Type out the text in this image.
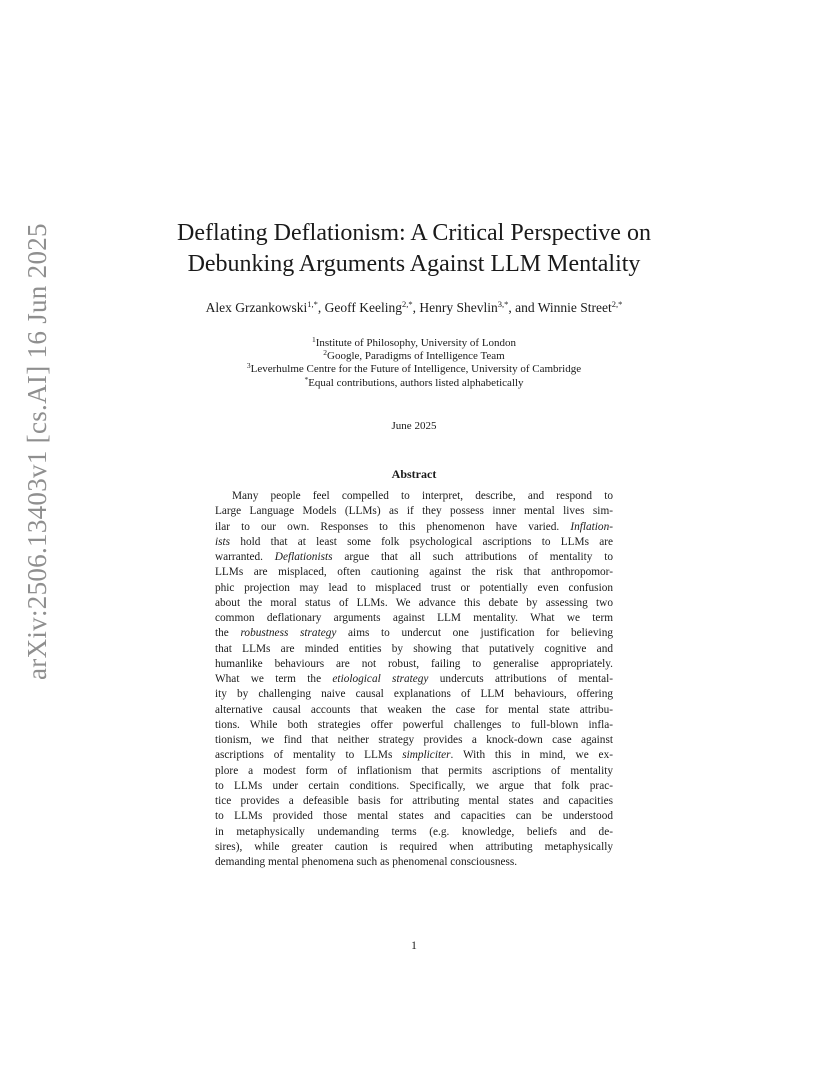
arXiv:2506.13403v1 [cs.AI] 16 Jun 2025	Deflating Deflationism: A Critical Perspective on
Debunking Arguments Against LLM Mentality
Alex Grzankowski$^{1,*}$, Geoff Keeling$^{2,*}$, Henry Shevlin$^{3,*}$, and Winnie Street$^{2,*}$
$^1$Institute of Philosophy, University of London
$^2$Google, Paradigms of Intelligence Team
$^3$Leverhulme Centre for the Future of Intelligence, University of Cambridge
*Equal contributions, authors listed alphabetically
June 2025
Abstract
Many people feel compelled to interpret, describe, and respond to
Large Language Models (LLMs) as if they possess inner mental lives sim-
ilar to our own. Responses to this phenomenon have varied. Inflation-
ists hold that at least some folk psychological ascriptions to LLMs are
warranted. Deflationists argue that all such attributions of mentality to
LLMs are misplaced, often cautioning against the risk that anthropomor-
phic projection may lead to misplaced trust or potentially even confusion
about the moral status of LLMs. We advance this debate by assessing two
common deflationary arguments against LLM mentality. What we term
the robustness strategy aims to undercut one justification for believing
that LLMs are minded entities by showing that putatively cognitive and
humanlike behaviours are not robust, failing to generalise appropriately.
What we term the etiological strategy undercuts attributions of mental-
ity by challenging naive causal explanations of LLM behaviours, offering
alternative causal accounts that weaken the case for mental state attribu-
tions. While both strategies offer powerful challenges to full-blown infla-
tionism, we find that neither strategy provides a knock-down case against
ascriptions of mentality to LLMs simpliciter. With this in mind, we ex-
plore a modest form of inflationism that permits ascriptions of mentality
to LLMs under certain conditions. Specifically, we argue that folk prac-
tice provides a defeasible basis for attributing mental states and capacities
to LLMs provided those mental states and capacities can be understood
in metaphysically undemanding terms (e.g. knowledge, beliefs and de-
sires), while greater caution is required when attributing metaphysically
demanding mental phenomena such as phenomenal consciousness.
1
